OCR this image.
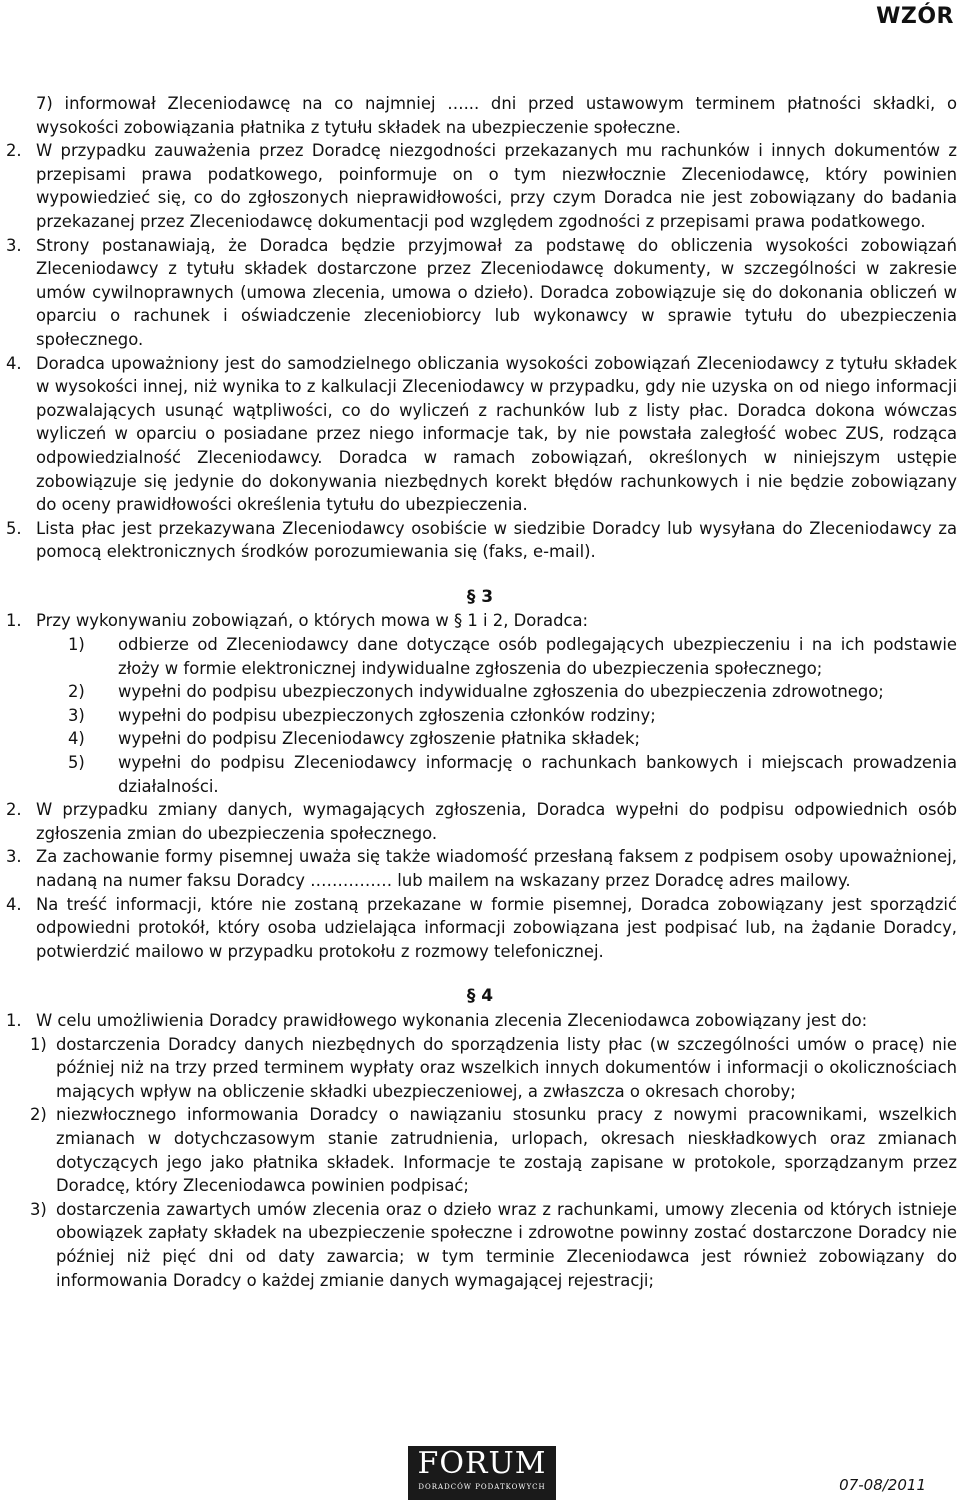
WZÓR

7) informował Zleceniodawcę na co najmniej …... dni przed ustawowym terminem płatności składki, o wysokości zobowiązania płatnika z tytułu składek na ubezpieczenie społeczne.

2. W przypadku zauważenia przez Doradcę niezgodności przekazanych mu rachunków i innych dokumentów z przepisami prawa podatkowego, poinformuje on o tym niezwłocznie Zleceniodawcę, który powinien wypowiedzieć się, co do zgłoszonych nieprawidłowości, przy czym Doradca nie jest zobowiązany do badania przekazanej przez Zleceniodawcę dokumentacji pod względem zgodności z przepisami prawa podatkowego.

3. Strony postanawiają, że Doradca będzie przyjmował za podstawę do obliczenia wysokości zobowiązań Zleceniodawcy z tytułu składek dostarczone przez Zleceniodawcę dokumenty, w szczególności w zakresie umów cywilnoprawnych (umowa zlecenia, umowa o dzieło). Doradca zobowiązuje się do dokonania obliczeń w oparciu o rachunek i oświadczenie zleceniobiorcy lub wykonawcy w sprawie tytułu do ubezpieczenia społecznego.

4. Doradca upoważniony jest do samodzielnego obliczania wysokości zobowiązań Zleceniodawcy z tytułu składek w wysokości innej, niż wynika to z kalkulacji Zleceniodawcy w przypadku, gdy nie uzyska on od niego informacji pozwalających usunąć wątpliwości, co do wyliczeń z rachunków lub z listy płac. Doradca dokona wówczas wyliczeń w oparciu o posiadane przez niego informacje tak, by nie powstała zaległość wobec ZUS, rodząca odpowiedzialność Zleceniodawcy. Doradca w ramach zobowiązań, określonych w niniejszym ustępie zobowiązuje się jedynie do dokonywania niezbędnych korekt błędów rachunkowych i nie będzie zobowiązany do oceny prawidłowości określenia tytułu do ubezpieczenia.

5. Lista płac jest przekazywana Zleceniodawcy osobiście w siedzibie Doradcy lub wysyłana do Zleceniodawcy za pomocą elektronicznych środków porozumiewania się (faks, e-mail).

§ 3
1. Przy wykonywaniu zobowiązań, o których mowa w § 1 i 2, Doradca:

1) odbierze od Zleceniodawcy dane dotyczące osób podlegających ubezpieczeniu i na ich podstawie złoży w formie elektronicznej indywidualne zgłoszenia do ubezpieczenia społecznego;

2) wypełni do podpisu ubezpieczonych indywidualne zgłoszenia do ubezpieczenia zdrowotnego;

3) wypełni do podpisu ubezpieczonych zgłoszenia członków rodziny;

4) wypełni do podpisu Zleceniodawcy zgłoszenie płatnika składek;

5) wypełni do podpisu Zleceniodawcy informację o rachunkach bankowych i miejscach prowadzenia działalności.

2. W przypadku zmiany danych, wymagających zgłoszenia, Doradca wypełni do podpisu odpowiednich osób zgłoszenia zmian do ubezpieczenia społecznego.

3. Za zachowanie formy pisemnej uważa się także wiadomość przesłaną faksem z podpisem osoby upoważnionej, nadaną na numer faksu Doradcy …………… lub mailem na wskazany przez Doradcę adres mailowy.

4. Na treść informacji, które nie zostaną przekazane w formie pisemnej, Doradca zobowiązany jest sporządzić odpowiedni protokół, który osoba udzielająca informacji zobowiązana jest podpisać lub, na żądanie Doradcy, potwierdzić mailowo w przypadku protokołu z rozmowy telefonicznej.

§ 4
1. W celu umożliwienia Doradcy prawidłowego wykonania zlecenia Zleceniodawca zobowiązany jest do:

1) dostarczenia Doradcy danych niezbędnych do sporządzenia listy płac (w szczególności umów o pracę) nie później niż na trzy przed terminem wypłaty oraz wszelkich innych dokumentów i informacji o okolicznościach mających wpływ na obliczenie składki ubezpieczeniowej, a zwłaszcza o okresach choroby;

2) niezwłocznego informowania Doradcy o nawiązaniu stosunku pracy z nowymi pracownikami, wszelkich zmianach w dotychczasowym stanie zatrudnienia, urlopach, okresach nieskładkowych oraz zmianach dotyczących jego jako płatnika składek. Informacje te zostają zapisane w protokole, sporządzanym przez Doradcę, który Zleceniodawca powinien podpisać;

3) dostarczenia zawartych umów zlecenia oraz o dzieło wraz z rachunkami, umowy zlecenia od których istnieje obowiązek zapłaty składek na ubezpieczenie społeczne i zdrowotne powinny zostać dostarczone Doradcy nie później niż pięć dni od daty zawarcia; w tym terminie Zleceniodawca jest również zobowiązany do informowania Doradcy o każdej zmianie danych wymagającej rejestracji;

FORUM
DORADCÓW PODATKOWYCH	07-08/2011
